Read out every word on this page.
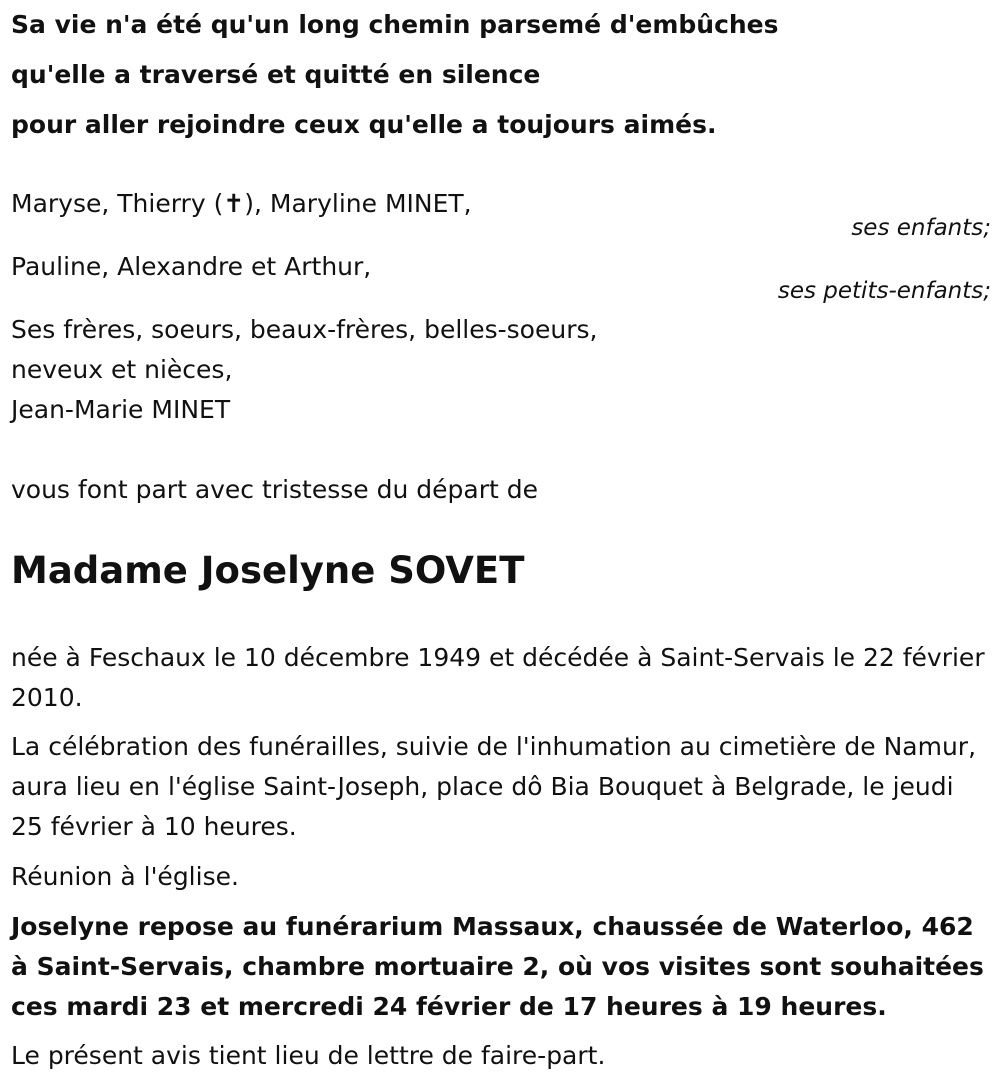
Sa vie n'a été qu'un long chemin parsemé d'embûches
qu'elle a traversé et quitté en silence
pour aller rejoindre ceux qu'elle a toujours aimés.
Maryse, Thierry (✝), Maryline MINET,
ses enfants;
Pauline, Alexandre et Arthur,
ses petits-enfants;
Ses frères, soeurs, beaux-frères, belles-soeurs,
neveux et nièces,
Jean-Marie MINET
vous font part avec tristesse du départ de
Madame Joselyne SOVET
née à Feschaux le 10 décembre 1949 et décédée à Saint-Servais le 22 février 2010.
La célébration des funérailles, suivie de l'inhumation au cimetière de Namur, aura lieu en l'église Saint-Joseph, place dô Bia Bouquet à Belgrade, le jeudi 25 février à 10 heures.
Réunion à l'église.
Joselyne repose au funérarium Massaux, chaussée de Waterloo, 462 à Saint-Servais, chambre mortuaire 2, où vos visites sont souhaitées ces mardi 23 et mercredi 24 février de 17 heures à 19 heures.
Le présent avis tient lieu de lettre de faire-part.
